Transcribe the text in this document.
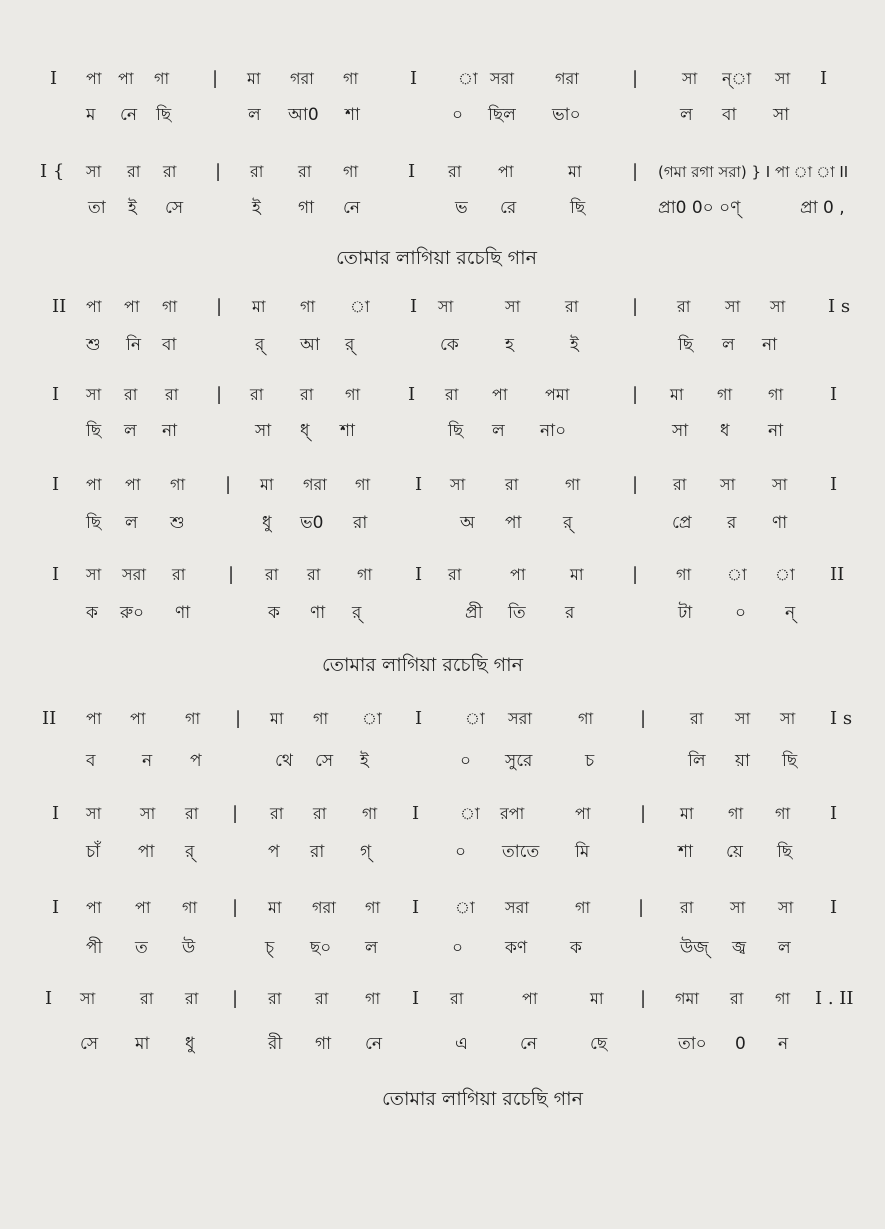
I পা পা গা | মা গরা গা	I	া সরা	গরা	|	সা ন্‌া সা I
ম নে ছি	ল আ0 শা	০ ছিল ভা০	ল বা সা
I { সা রা রা | রা রা গা	I রা পা	মা	| (গমা রগা সরা) } I পা া া II
তা ই সে	ই গা নে	ভ রে	ছি	প্রা0 0০ ০ণ্‌	প্রা 0 ,
তোমার লাগিয়া রচেছি গান
II পা পা গা | মা গা া I সা	সা	রা	| রা সা সা I s
শু নি বা	র্‌ আ র্‌	কে	হ	ই	ছি ল না
I সা রা রা | রা রা গা	I রা পা পমা	| মা গা গা	I
ছি ল না	সা ধ্‌ শা	ছি ল না০	সা ধ না
I পা পা গা | মা গরা গা I সা রা	গা	| রা সা সা I
ছি ল শু	ধু ভ0 রা	অ পা র্‌	প্রে র ণা
I সা সরা রা | রা রা গা I রা	পা	মা	| গা া া II
ক রু০ ণা	ক ণা র্‌	প্রী তি র	টা	০ ন্‌
তোমার লাগিয়া রচেছি গান
II পা পা গা | মা গা া I	া সরা	গা	|	রা সা সা I s
ব	ন প	থে সে ই	০ সুরে	চ	লি য়া ছি
I সা সা রা | রা রা গা I	া রপা	পা	| মা গা গা I
চাঁ পা র্‌	প রা গ্‌	০ তাতে মি	শা য়ে ছি
I পা পা গা | মা গরা গা I া সরা	গা	| রা সা সা I
পী ত উ	চ্‌ ছ০ ল	০ কণ	ক	উজ্‌ জ্ব ল
I সা	রা রা | রা রা গা I রা	পা	মা | গমা রা গা I . II
সে মা ধু	রী গা নে	এ	নে	ছে	তা০ 0 ন
তোমার লাগিয়া রচেছি গান
